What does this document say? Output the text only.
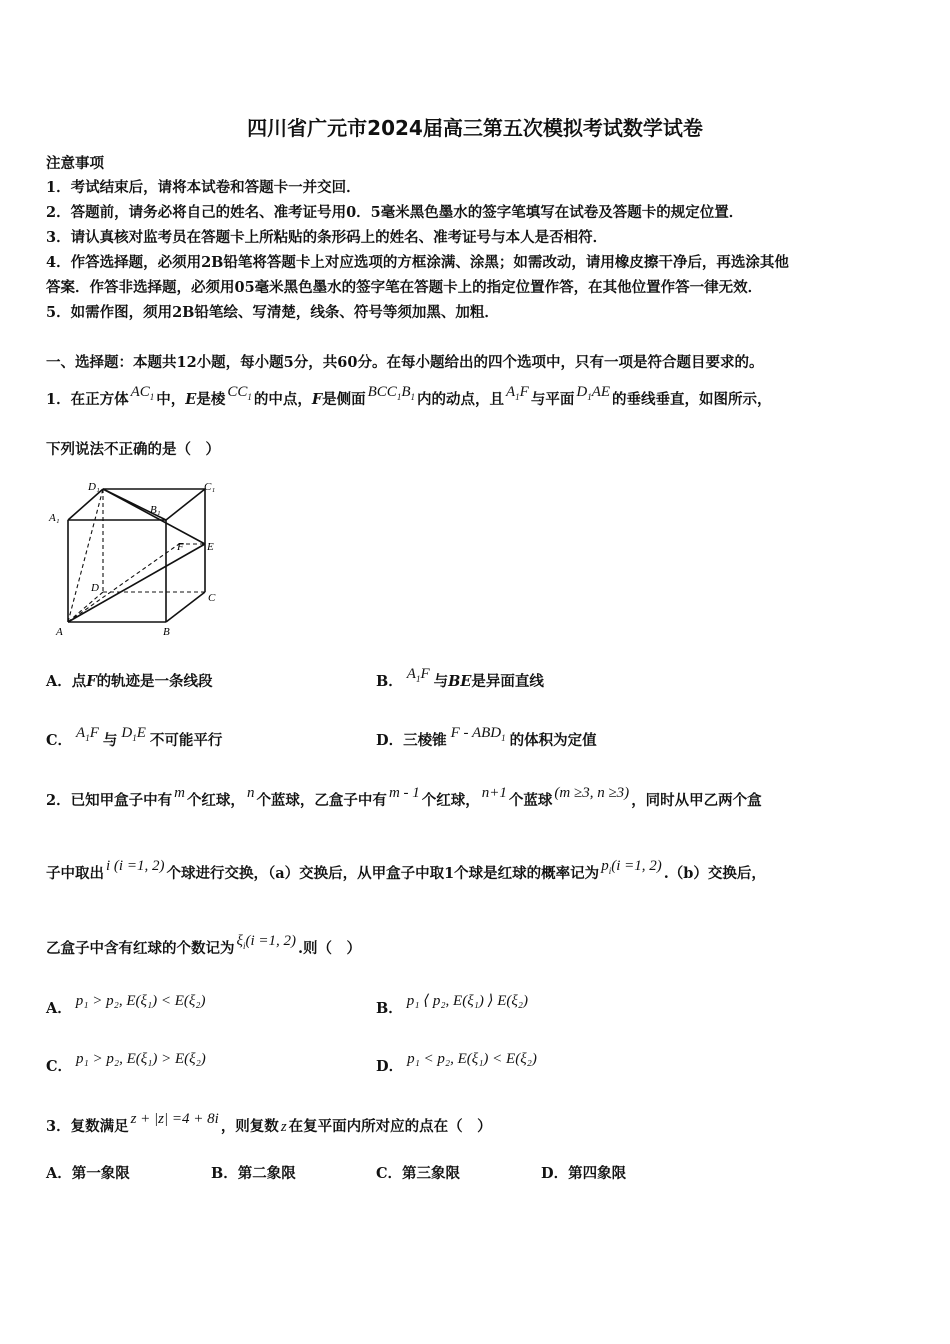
四川省广元市2024届高三第五次模拟考试数学试卷
注意事项
1．考试结束后，请将本试卷和答题卡一并交回．
2．答题前，请务必将自己的姓名、准考证号用0．5毫米黑色墨水的签字笔填写在试卷及答题卡的规定位置．
3．请认真核对监考员在答题卡上所粘贴的条形码上的姓名、准考证号与本人是否相符．
4．作答选择题，必须用2B铅笔将答题卡上对应选项的方框涂满、涂黑；如需改动，请用橡皮擦干净后，再选涂其他
答案．作答非选择题，必须用05毫米黑色墨水的签字笔在答题卡上的指定位置作答，在其他位置作答一律无效．
5．如需作图，须用2B铅笔绘、写清楚，线条、符号等须加黑、加粗．
一、选择题：本题共12小题，每小题5分，共60分。在每小题给出的四个选项中，只有一项是符合题目要求的。
1．在正方体 $AC_1$ 中，E是棱 $CC_1$ 的中点，F是侧面 $BCC_1B_1$ 内的动点，且 $A_1F$ 与平面 $D_1AE$ 的垂线垂直，如图所示，
下列说法不正确的是（　）
D₁	C₁
A₁
B₁
F E
D
C
A	B
A．点F的轨迹是一条线段	B． $A_1F$ 与BE是异面直线
C． $A_1F$ 与 $D_1E$ 不可能平行	D．三棱锥 F - $ABD_1$ 的体积为定值
2．已知甲盒子中有 m 个红球， n 个蓝球，乙盒子中有 m - 1 个红球， n+1 个蓝球 (m ≥3, n ≥3) ，同时从甲乙两个盒
子中取出 i (i =1, 2) 个球进行交换，（a）交换后，从甲盒子中取1个球是红球的概率记为 $p_i(i =1$, 2) .（b）交换后，
乙盒子中含有红球的个数记为 $\xi_i(i =1$, 2) .则（　）
A． p₁ > p₂, E(ξ₁) < E(ξ₂)	B． p₁ ⟨ p₂, E(ξ₁) ⟩ E(ξ₂)
C． p₁ > p₂, E(ξ₁) > E(ξ₂)	D． p₁ < p₂, E(ξ₁) < E(ξ₂)
3．复数满足 z + |z| =4 + 8i ，则复数 z 在复平面内所对应的点在（　）
A．第一象限	B．第二象限	C．第三象限	D．第四象限
